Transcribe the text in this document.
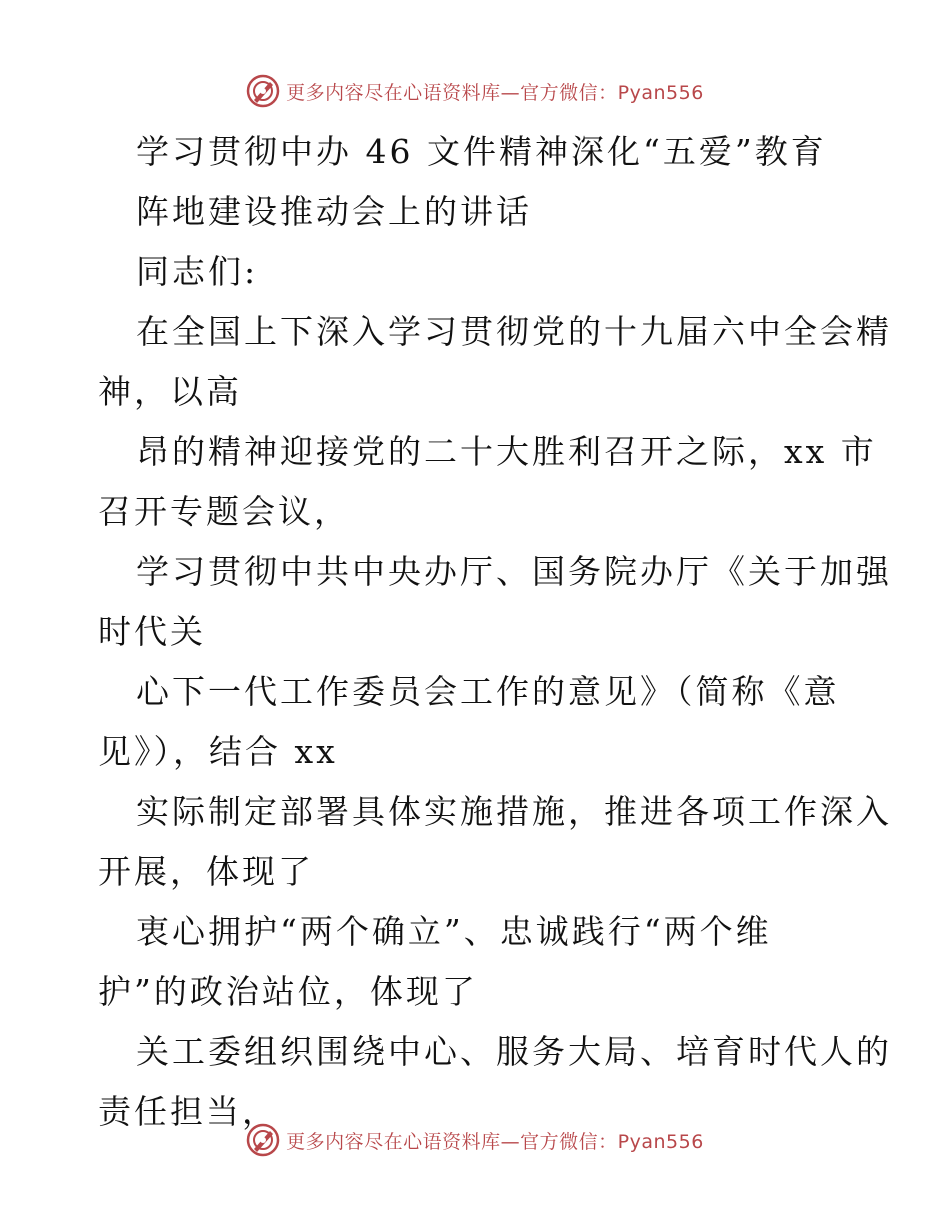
更多内容尽在心语资料库—官方微信：Pyan556
学习贯彻中办 46 文件精神深化“五爱”教育
阵地建设推动会上的讲话
同志们:
在全国上下深入学习贯彻党的十九届六中全会精
神，以高
昂的精神迎接党的二十大胜利召开之际，xx 市
召开专题会议，
学习贯彻中共中央办厅、国务院办厅《关于加强
时代关
心下一代工作委员会工作的意见》（简称《意
见》），结合 xx
实际制定部署具体实施措施，推进各项工作深入
开展，体现了
衷心拥护“两个确立”、忠诚践行“两个维
护”的政治站位，体现了
关工委组织围绕中心、服务大局、培育时代人的
责任担当，
更多内容尽在心语资料库—官方微信：Pyan556
